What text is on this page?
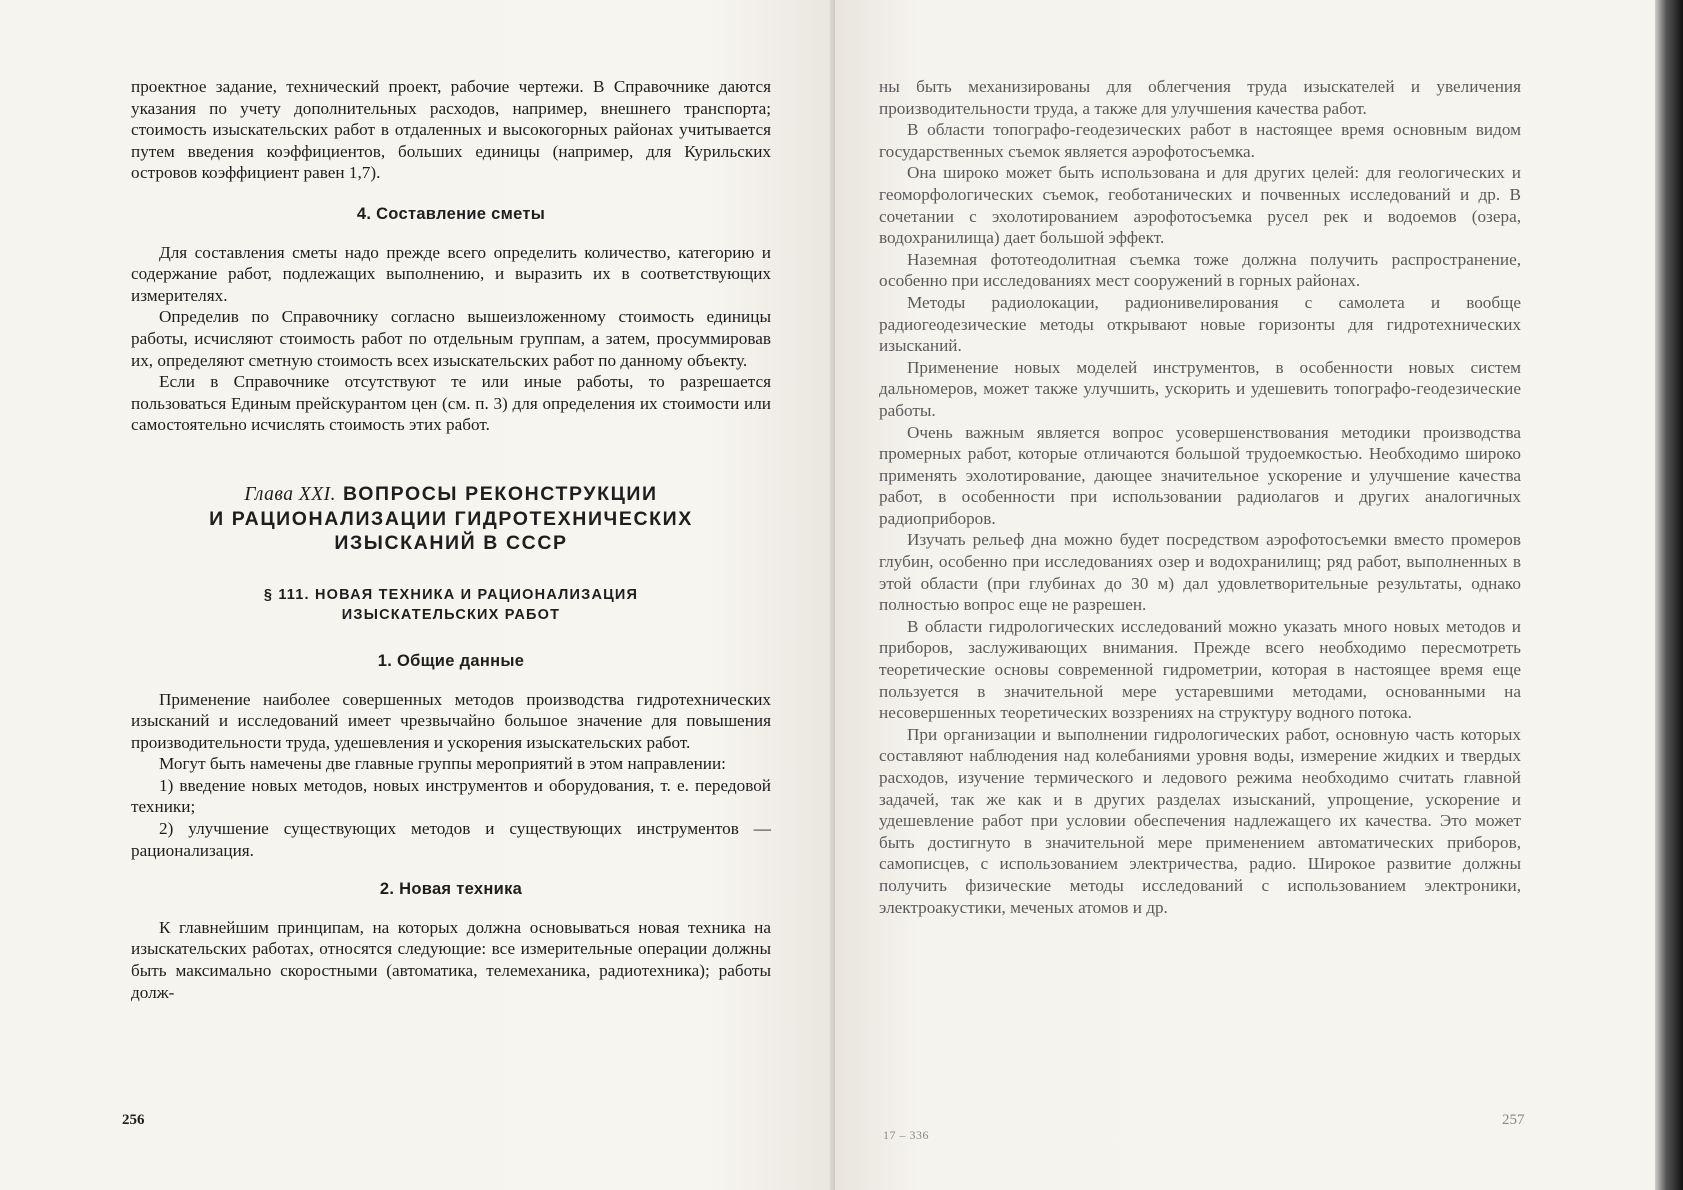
проектное задание, технический проект, рабочие чертежи. В Справочнике даются указания по учету дополнительных расходов, например, внешнего транспорта; стоимость изыскательских работ в отдаленных и высокогорных районах учитывается путем введения коэффициентов, больших единицы (например, для Курильских островов коэффициент равен 1,7).

4. Составление сметы

Для составления сметы надо прежде всего определить количество, категорию и содержание работ, подлежащих выполнению, и выразить их в соответствующих измерителях.

Определив по Справочнику согласно вышеизложенному стоимость единицы работы, исчисляют стоимость работ по отдельным группам, а затем, просуммировав их, определяют сметную стоимость всех изыскательских работ по данному объекту.

Если в Справочнике отсутствуют те или иные работы, то разрешается пользоваться Единым прейскурантом цен (см. п. 3) для определения их стоимости или самостоятельно исчислять стоимость этих работ.

Глава XXI. ВОПРОСЫ РЕКОНСТРУКЦИИ
И РАЦИОНАЛИЗАЦИИ ГИДРОТЕХНИЧЕСКИХ
ИЗЫСКАНИЙ В СССР
§ 111. НОВАЯ ТЕХНИКА И РАЦИОНАЛИЗАЦИЯ
ИЗЫСКАТЕЛЬСКИХ РАБОТ
1. Общие данные

Применение наиболее совершенных методов производства гидротехнических изысканий и исследований имеет чрезвычайно большое значение для повышения производительности труда, удешевления и ускорения изыскательских работ.

Могут быть намечены две главные группы мероприятий в этом направлении:

1) введение новых методов, новых инструментов и оборудования, т. е. передовой техники;

2) улучшение существующих методов и существующих инструментов — рационализация.

2. Новая техника

К главнейшим принципам, на которых должна основываться новая техника на изыскательских работах, относятся следующие: все измерительные операции должны быть максимально скоростными (автоматика, телемеханика, радиотехника); работы долж-

256

ны быть механизированы для облегчения труда изыскателей и увеличения производительности труда, а также для улучшения качества работ.

В области топографо-геодезических работ в настоящее время основным видом государственных съемок является аэрофотосъемка.

Она широко может быть использована и для других целей: для геологических и геоморфологических съемок, геоботанических и почвенных исследований и др. В сочетании с эхолотированием аэрофотосъемка русел рек и водоемов (озера, водохранилища) дает большой эффект.

Наземная фототеодолитная съемка тоже должна получить распространение, особенно при исследованиях мест сооружений в горных районах.

Методы радиолокации, радионивелирования с самолета и вообще радиогеодезические методы открывают новые горизонты для гидротехнических изысканий.

Применение новых моделей инструментов, в особенности новых систем дальномеров, может также улучшить, ускорить и удешевить топографо-геодезические работы.

Очень важным является вопрос усовершенствования методики производства промерных работ, которые отличаются большой трудоемкостью. Необходимо широко применять эхолотирование, дающее значительное ускорение и улучшение качества работ, в особенности при использовании радиолагов и других аналогичных радиоприборов.

Изучать рельеф дна можно будет посредством аэрофотосъемки вместо промеров глубин, особенно при исследованиях озер и водохранилищ; ряд работ, выполненных в этой области (при глубинах до 30 м) дал удовлетворительные результаты, однако полностью вопрос еще не разрешен.

В области гидрологических исследований можно указать много новых методов и приборов, заслуживающих внимания. Прежде всего необходимо пересмотреть теоретические основы современной гидрометрии, которая в настоящее время еще пользуется в значительной мере устаревшими методами, основанными на несовершенных теоретических воззрениях на структуру водного потока.

При организации и выполнении гидрологических работ, основную часть которых составляют наблюдения над колебаниями уровня воды, измерение жидких и твердых расходов, изучение термического и ледового режима необходимо считать главной задачей, так же как и в других разделах изысканий, упрощение, ускорение и удешевление работ при условии обеспечения надлежащего их качества. Это может быть достигнуто в значительной мере применением автоматических приборов, самописцев, с использованием электричества, радио. Широкое развитие должны получить физические методы исследований с использованием электроники, электроакустики, меченых атомов и др.

17 – 336
257
